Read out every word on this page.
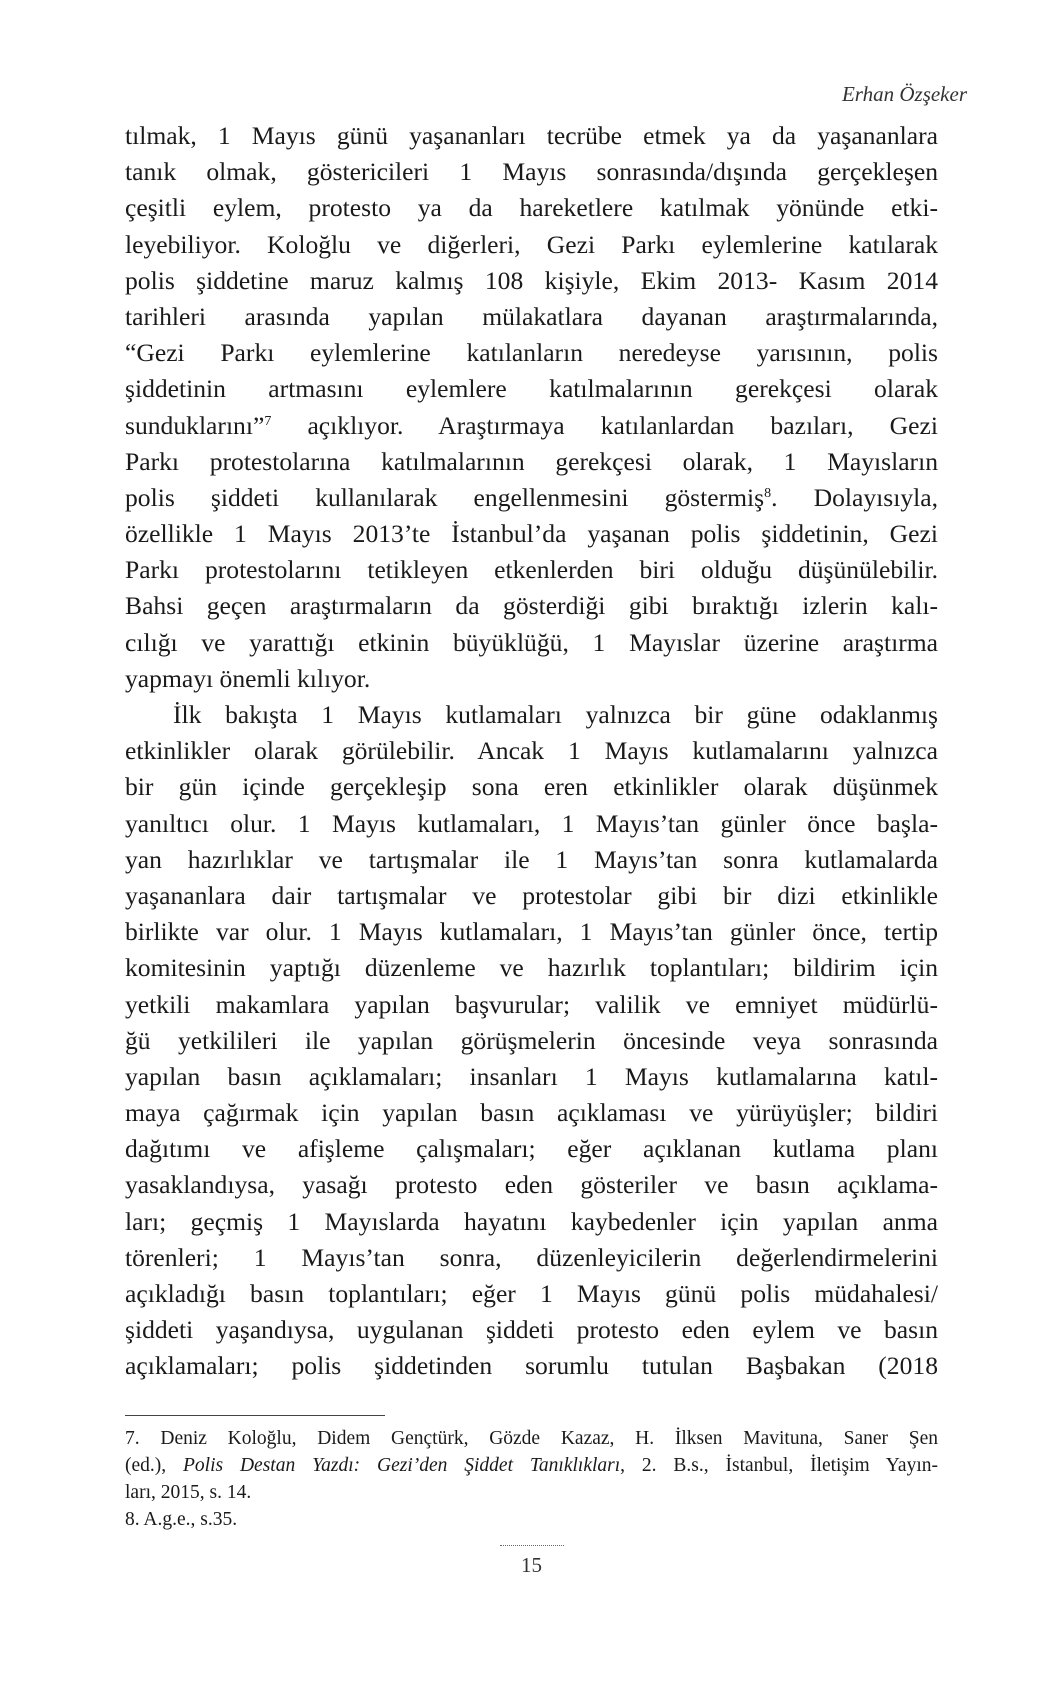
Erhan Özşeker
tılmak, 1 Mayıs günü yaşananları tecrübe etmek ya da yaşananlara
tanık olmak, göstericileri 1 Mayıs sonrasında/dışında gerçekleşen
çeşitli eylem, protesto ya da hareketlere katılmak yönünde etki-
leyebiliyor. Koloğlu ve diğerleri, Gezi Parkı eylemlerine katılarak
polis şiddetine maruz kalmış 108 kişiyle, Ekim 2013- Kasım 2014
tarihleri arasında yapılan mülakatlara dayanan araştırmalarında,
“Gezi Parkı eylemlerine katılanların neredeyse yarısının, polis
şiddetinin artmasını eylemlere katılmalarının gerekçesi olarak
sunduklarını”$^7$ açıklıyor. Araştırmaya katılanlardan bazıları, Gezi
Parkı protestolarına katılmalarının gerekçesi olarak, 1 Mayısların
polis şiddeti kullanılarak engellenmesini göstermiş$^8$. Dolayısıyla,
özellikle 1 Mayıs 2013’te İstanbul’da yaşanan polis şiddetinin, Gezi
Parkı protestolarını tetikleyen etkenlerden biri olduğu düşünülebilir.
Bahsi geçen araştırmaların da gösterdiği gibi bıraktığı izlerin kalı-
cılığı ve yarattığı etkinin büyüklüğü, 1 Mayıslar üzerine araştırma
yapmayı önemli kılıyor.
İlk bakışta 1 Mayıs kutlamaları yalnızca bir güne odaklanmış
etkinlikler olarak görülebilir. Ancak 1 Mayıs kutlamalarını yalnızca
bir gün içinde gerçekleşip sona eren etkinlikler olarak düşünmek
yanıltıcı olur. 1 Mayıs kutlamaları, 1 Mayıs’tan günler önce başla-
yan hazırlıklar ve tartışmalar ile 1 Mayıs’tan sonra kutlamalarda
yaşananlara dair tartışmalar ve protestolar gibi bir dizi etkinlikle
birlikte var olur. 1 Mayıs kutlamaları, 1 Mayıs’tan günler önce, tertip
komitesinin yaptığı düzenleme ve hazırlık toplantıları; bildirim için
yetkili makamlara yapılan başvurular; valilik ve emniyet müdürlü-
ğü yetkilileri ile yapılan görüşmelerin öncesinde veya sonrasında
yapılan basın açıklamaları; insanları 1 Mayıs kutlamalarına katıl-
maya çağırmak için yapılan basın açıklaması ve yürüyüşler; bildiri
dağıtımı ve afişleme çalışmaları; eğer açıklanan kutlama planı
yasaklandıysa, yasağı protesto eden gösteriler ve basın açıklama-
ları; geçmiş 1 Mayıslarda hayatını kaybedenler için yapılan anma
törenleri; 1 Mayıs’tan sonra, düzenleyicilerin değerlendirmelerini
açıkladığı basın toplantıları; eğer 1 Mayıs günü polis müdahalesi/
şiddeti yaşandıysa, uygulanan şiddeti protesto eden eylem ve basın
açıklamaları; polis şiddetinden sorumlu tutulan Başbakan (2018
7. Deniz Koloğlu, Didem Gençtürk, Gözde Kazaz, H. İlksen Mavituna, Saner Şen
(ed.), Polis Destan Yazdı: Gezi’den Şiddet Tanıklıkları, 2. B.s., İstanbul, İletişim Yayın-
ları, 2015, s. 14.
8. A.g.e., s.35.
15
